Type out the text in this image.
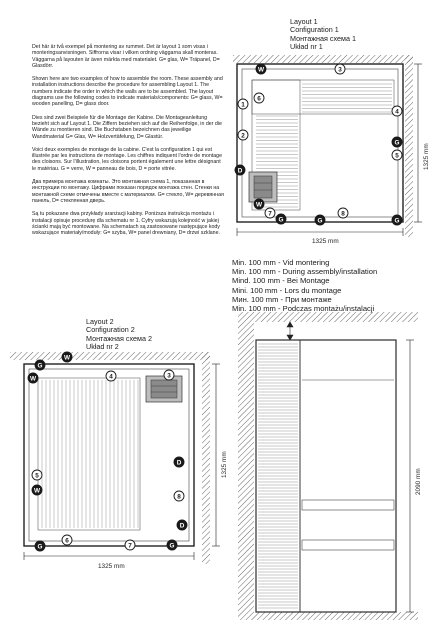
Det här är två exempel på montering av rummet. Det är layout 1 som visas i monteringsanvisningen. Siffrorna visar i vilken ordning väggarna skall monteras. Väggarna på layouten är även märkta med materialet. G= glas, W= Träpanel, D= Glasdörr.

Shown here are two examples of how to assemble the room. These assembly and installation instructions describe the procedure for assembling Layout 1. The numbers indicate the order in which the walls are to be assembled. The layout diagrams use the following codes to indicate materials/components: G= glass, W= wooden panelling, D= glass door.

Dies sind zwei Beispiele für die Montage der Kabine. Die Montageanleitung bezieht sich auf Layout 1. Die Ziffern beziehen sich auf die Reihenfolge, in der die Wände zu montieren sind. Die Buchstaben bezeichnen das jeweilige Wandmaterial G= Glas, W= Holzvertäfelung, D= Glastür.

Voici deux exemples de montage de la cabine. C'est la configuration 1 qui est illustrée par les instructions de montage. Les chiffres indiquent l'ordre de montage des cloisons. Sur l'illustration, les cloisons portent également une lettre désignant le matériau. G = verre, W = panneau de bois, D = porte vitrée.

Два примера монтажа комнаты. Это монтажная схема 1, показанная в инструкции по монтажу. Цифрами показан порядок монтажа стен. Стенки на монтажной схеме отмечены вместе с материалом. G= стекло, W= деревянная панель, D= стеклянная дверь.

Są tu pokazane dwa przykłady aranżacji kabiny. Poniższa instrukcja montażu i instalacji opisuje procedurę dla schematu nr 1. Cyfry wskazują kolejność w jakiej ścianki mają być montowane. Na schematach są zastosowane następujące kody wskazujące materiały/moduły: G= szyba, W= panel drewniany, D= drzwi szklane.

Layout 1
Configuration 1
Монтажная схема 1
Układ nr 1
1325 mm
1325 mm
W
6
3
G
1
4
2
G
5
W
D
7
G
8
G
1325 mm
1325 mm
W
G
4	3
W
5
W
D
8
D
G
6
7	G
2090 mm
Layout 2
Configuration 2
Монтажная схема 2
Układ nr 2
Min. 100 mm - Vid montering
Min. 100 mm - During assembly/installation
Mind. 100 mm - Bei Montage
Mini. 100 mm - Lors du montage
Мин. 100 mm - При монтаже
Min. 100 mm - Podczas montażu/instalacji
